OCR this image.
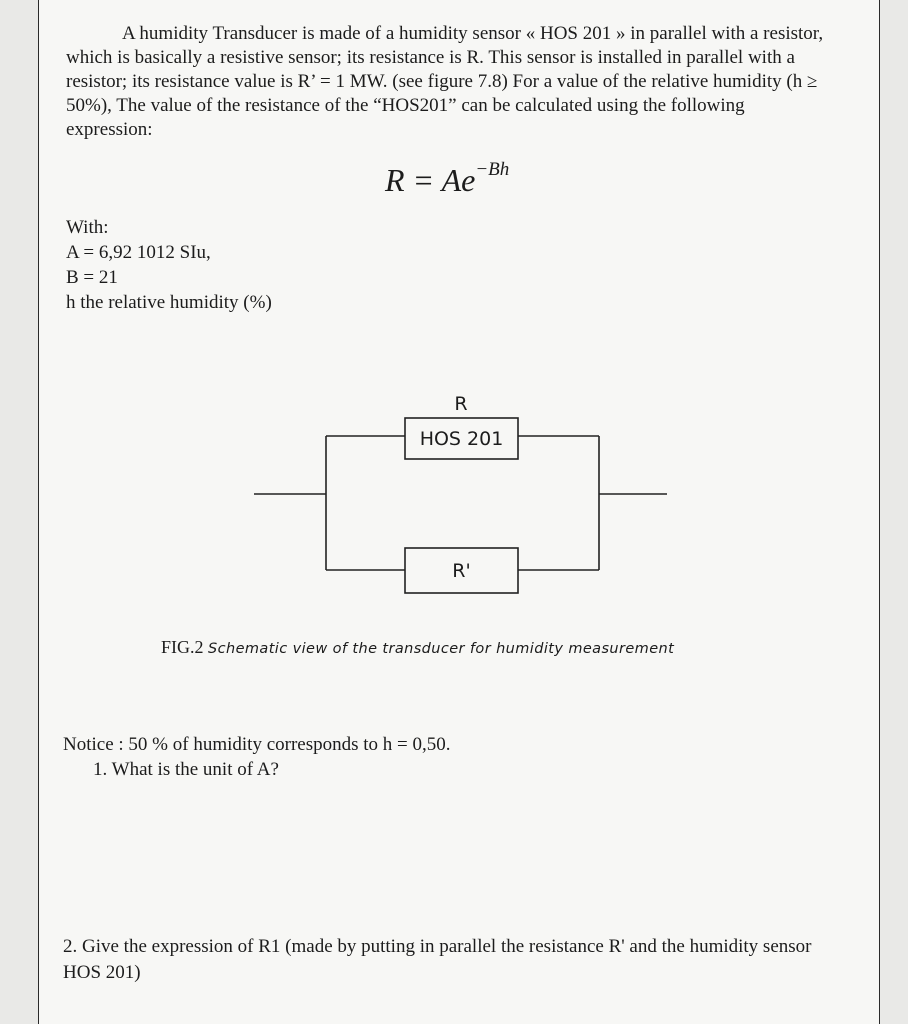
A humidity Transducer is made of a humidity sensor « HOS 201 » in parallel with a resistor, which is basically a resistive sensor; its resistance is R. This sensor is installed in parallel with a resistor; its resistance value is R’ = 1 MW. (see figure 7.8) For a value of the relative humidity (h ≥ 50%), The value of the resistance of the “HOS201” can be calculated using the following expression:

$R = Ae^{-Bh}$
With:
A = 6,92 1012 SIu,
B = 21
h the relative humidity (%)
R
HOS 201
R'
FIG.2 Schematic view of the transducer for humidity measurement
Notice : 50 % of humidity corresponds to h = 0,50.
1. What is the unit of A?
2. Give the expression of R1 (made by putting in parallel the resistance R' and the humidity sensor HOS 201)
